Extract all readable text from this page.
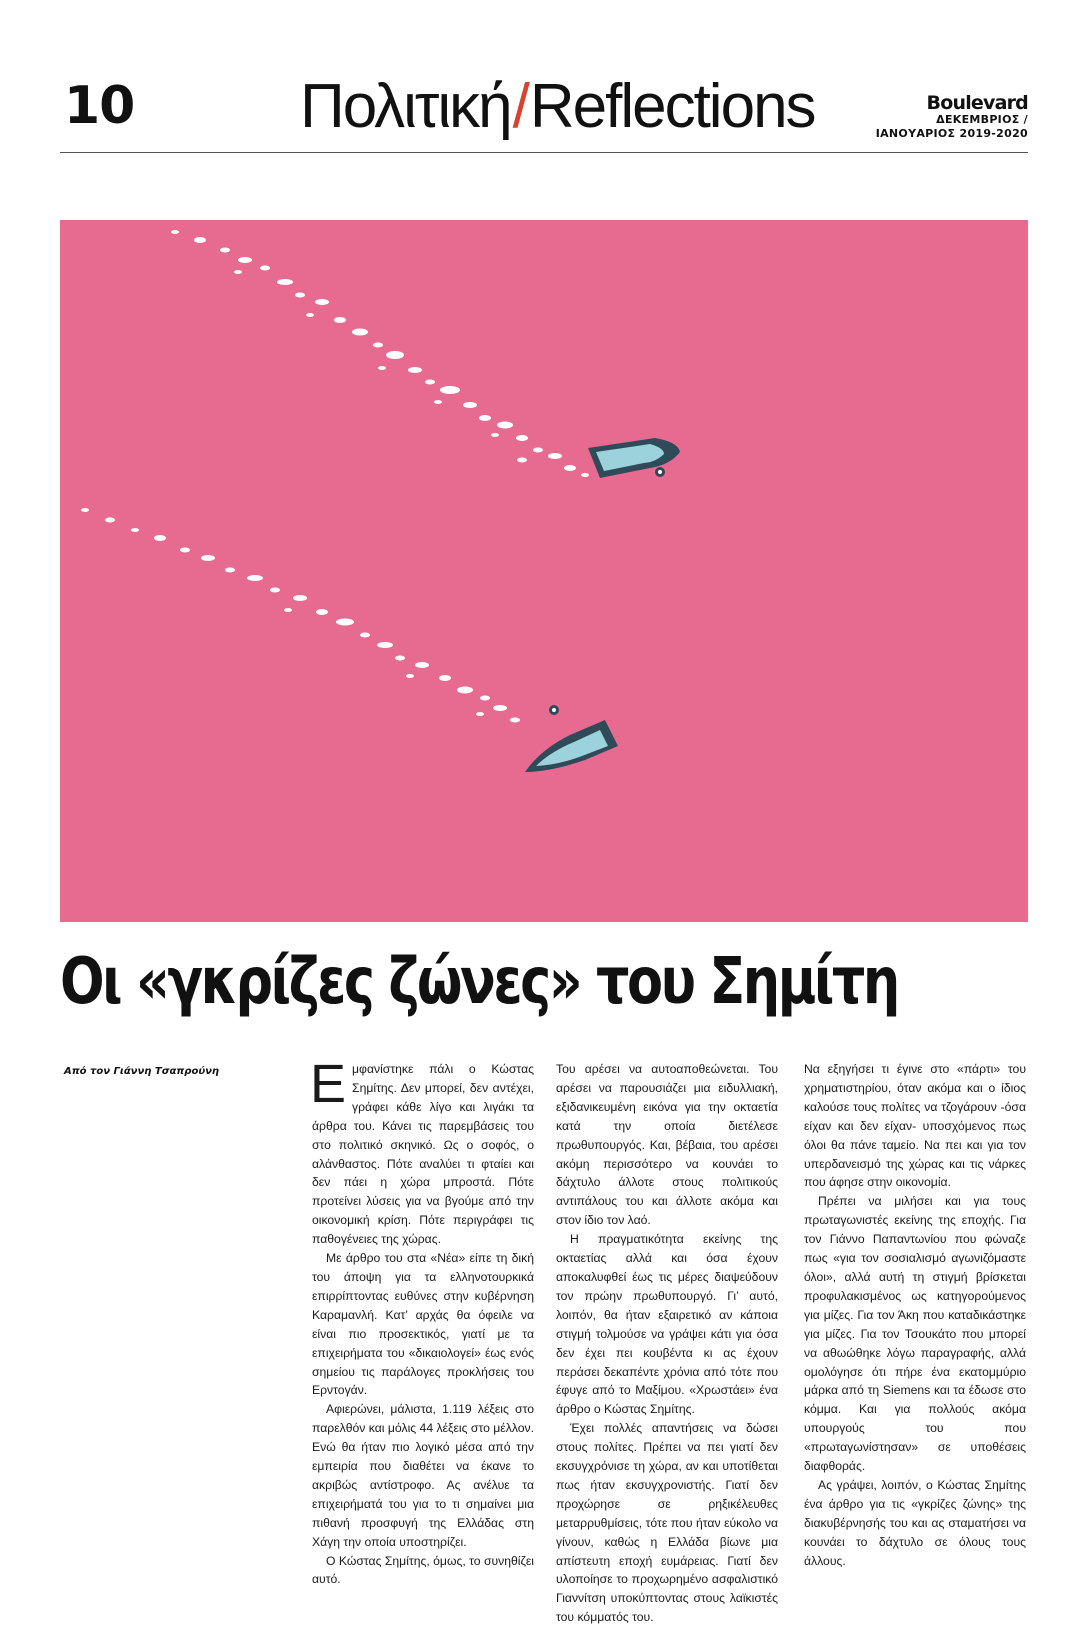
10	Πολιτική/Reflections	Boulevard
ΔΕΚΕΜΒΡΙΟΣ /
ΙΑΝΟΥΑΡΙΟΣ 2019-2020
Οι «γκρίζες ζώνες» του Σημίτη
Από τον Γιάννη Τσαπρούνη Εμφανίστηκε πάλι ο Κώστας Σημίτης. Δεν μπορεί, δεν αντέχει, γράφει κάθε λίγο και λιγάκι τα άρθρα του. Κάνει τις παρεμβάσεις του στο πολιτικό σκηνικό. Ως ο σοφός, ο αλάνθαστος. Πότε αναλύει τι φταίει και δεν πάει η χώρα μπροστά. Πότε προτείνει λύσεις για να βγούμε από την οικονομική κρίση. Πότε περιγράφει τις παθογένειες της χώρας.

Με άρθρο του στα «Νέα» είπε τη δική του άποψη για τα ελληνοτουρκικά επιρρίπτοντας ευθύνες στην κυβέρνηση Καραμανλή. Κατ’ αρχάς θα όφειλε να είναι πιο προσεκτικός, γιατί με τα επιχειρήματα του «δικαιολογεί» έως ενός σημείου τις παράλογες προκλήσεις του Ερντογάν.

Αφιερώνει, μάλιστα, 1.119 λέξεις στο παρελθόν και μόλις 44 λέξεις στο μέλλον. Ενώ θα ήταν πιο λογικό μέσα από την εμπειρία που διαθέτει να έκανε το ακριβώς αντίστροφο. Ας ανέλυε τα επιχειρήματά του για το τι σημαίνει μια πιθανή προσφυγή της Ελλάδας στη Χάγη την οποία υποστηρίζει.

Ο Κώστας Σημίτης, όμως, το συνηθίζει αυτό.

Του αρέσει να αυτοαποθεώνεται. Του αρέσει να παρουσιάζει μια ειδυλλιακή, εξιδανικευμένη εικόνα για την οκταετία κατά την οποία διετέλεσε πρωθυπουργός. Και, βέβαια, του αρέσει ακόμη περισσότερο να κουνάει το δάχτυλο άλλοτε στους πολιτικούς αντιπάλους του και άλλοτε ακόμα και στον ίδιο τον λαό.

Η πραγματικότητα εκείνης της οκταετίας αλλά και όσα έχουν αποκαλυφθεί έως τις μέρες διαψεύδουν τον πρώην πρωθυπουργό. Γι’ αυτό, λοιπόν, θα ήταν εξαιρετικό αν κάποια στιγμή τολμούσε να γράψει κάτι για όσα δεν έχει πει κουβέντα κι ας έχουν περάσει δεκαπέντε χρόνια από τότε που έφυγε από το Μαξίμου. «Χρωστάει» ένα άρθρο ο Κώστας Σημίτης.

Έχει πολλές απαντήσεις να δώσει στους πολίτες. Πρέπει να πει γιατί δεν εκσυγχρόνισε τη χώρα, αν και υποτίθεται πως ήταν εκσυγχρονιστής. Γιατί δεν προχώρησε σε ρηξικέλευθες μεταρρυθμίσεις, τότε που ήταν εύκολο να γίνουν, καθώς η Ελλάδα βίωνε μια απίστευτη εποχή ευμάρειας. Γιατί δεν υλοποίησε το προχωρημένο ασφαλιστικό Γιαννίτση υποκύπτοντας στους λαϊκιστές του κόμματός του.

Να εξηγήσει τι έγινε στο «πάρτι» του χρηματιστηρίου, όταν ακόμα και ο ίδιος καλούσε τους πολίτες να τζογάρουν -όσα είχαν και δεν είχαν- υποσχόμενος πως όλοι θα πάνε ταμείο. Να πει και για τον υπερδανεισμό της χώρας και τις νάρκες που άφησε στην οικονομία.

Πρέπει να μιλήσει και για τους πρωταγωνιστές εκείνης της εποχής. Για τον Γιάννο Παπαντωνίου που φώναζε πως «για τον σοσιαλισμό αγωνιζόμαστε όλοι», αλλά αυτή τη στιγμή βρίσκεται προφυλακισμένος ως κατηγορούμενος για μίζες. Για τον Άκη που καταδικάστηκε για μίζες. Για τον Τσουκάτο που μπορεί να αθωώθηκε λόγω παραγραφής, αλλά ομολόγησε ότι πήρε ένα εκατομμύριο μάρκα από τη Siemens και τα έδωσε στο κόμμα. Και για πολλούς ακόμα υπουργούς του που «πρωταγωνίστησαν» σε υποθέσεις διαφθοράς.

Ας γράψει, λοιπόν, ο Κώστας Σημίτης ένα άρθρο για τις «γκρίζες ζώνης» της διακυβέρνησής του και ας σταματήσει να κουνάει το δάχτυλο σε όλους τους άλλους.
